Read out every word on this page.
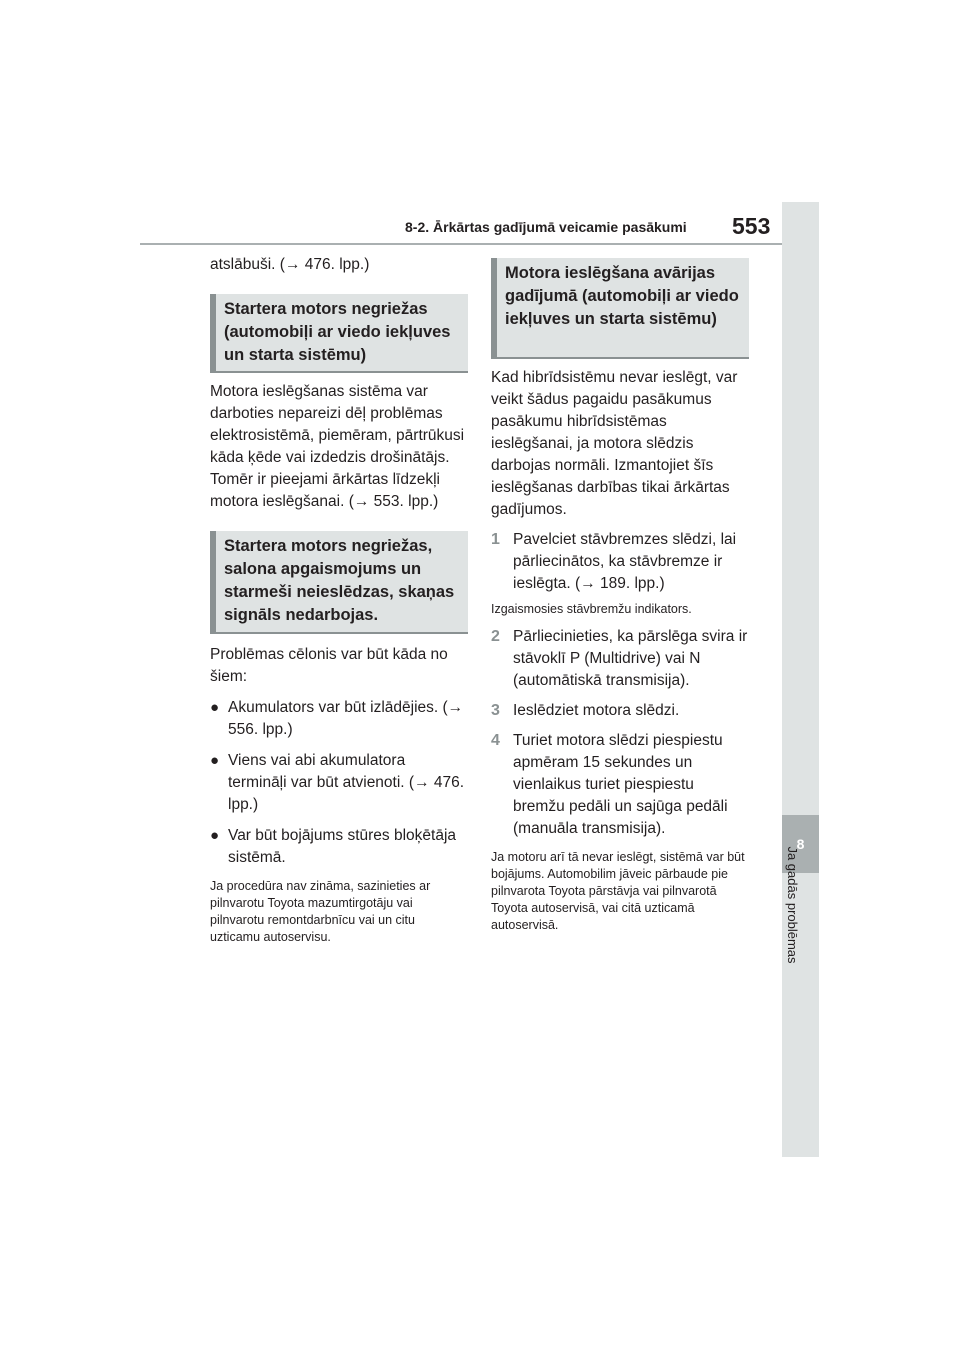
8
Ja gadās problēmas
8-2. Ārkārtas gadījumā veicamie pasākumi 553

atslābuši. (→ 476. lpp.)

Startera motors negriežas (automobiļi ar viedo iekļuves un starta sistēmu)

Motora ieslēgšanas sistēma var darboties nepareizi dēļ problēmas elektrosistēmā, piemēram, pārtrūkusi kāda ķēde vai izdedzis drošinātājs. Tomēr ir pieejami ārkārtas līdzekļi motora ieslēgšanai. (→ 553. lpp.)

Startera motors negriežas, salona apgaismojums un starmeši neieslēdzas, skaņas signāls nedarbojas.

Problēmas cēlonis var būt kāda no šiem:

● Akumulators var būt izlādējies. (→ 556. lpp.)

● Viens vai abi akumulatora termināļi var būt atvienoti. (→ 476. lpp.)

● Var būt bojājums stūres bloķētāja sistēmā.

Ja procedūra nav zināma, sazinieties ar pilnvarotu Toyota mazumtirgotāju vai pilnvarotu remontdarbnīcu vai un citu uzticamu autoservisu.

Motora ieslēgšana avārijas gadījumā (automobiļi ar viedo iekļuves un starta sistēmu)

Kad hibrīdsistēmu nevar ieslēgt, var veikt šādus pagaidu pasākumus pasākumu hibrīdsistēmas ieslēgšanai, ja motora slēdzis darbojas normāli. Izmantojiet šīs ieslēgšanas darbības tikai ārkārtas gadījumos.

1 Pavelciet stāvbremzes slēdzi, lai pārliecinātos, ka stāvbremze ir ieslēgta. (→ 189. lpp.)

Izgaismosies stāvbremžu indikators.

2 Pārliecinieties, ka pārslēga svira ir stāvoklī P (Multidrive) vai N (automātiskā transmisija).

3 Ieslēdziet motora slēdzi.

4 Turiet motora slēdzi piespiestu apmēram 15 sekundes un vienlaikus turiet piespiestu bremžu pedāli un sajūga pedāli (manuāla transmisija).

Ja motoru arī tā nevar ieslēgt, sistēmā var būt bojājums. Automobilim jāveic pārbaude pie pilnvarota Toyota pārstāvja vai pilnvarotā Toyota autoservisā, vai citā uzticamā autoservisā.
